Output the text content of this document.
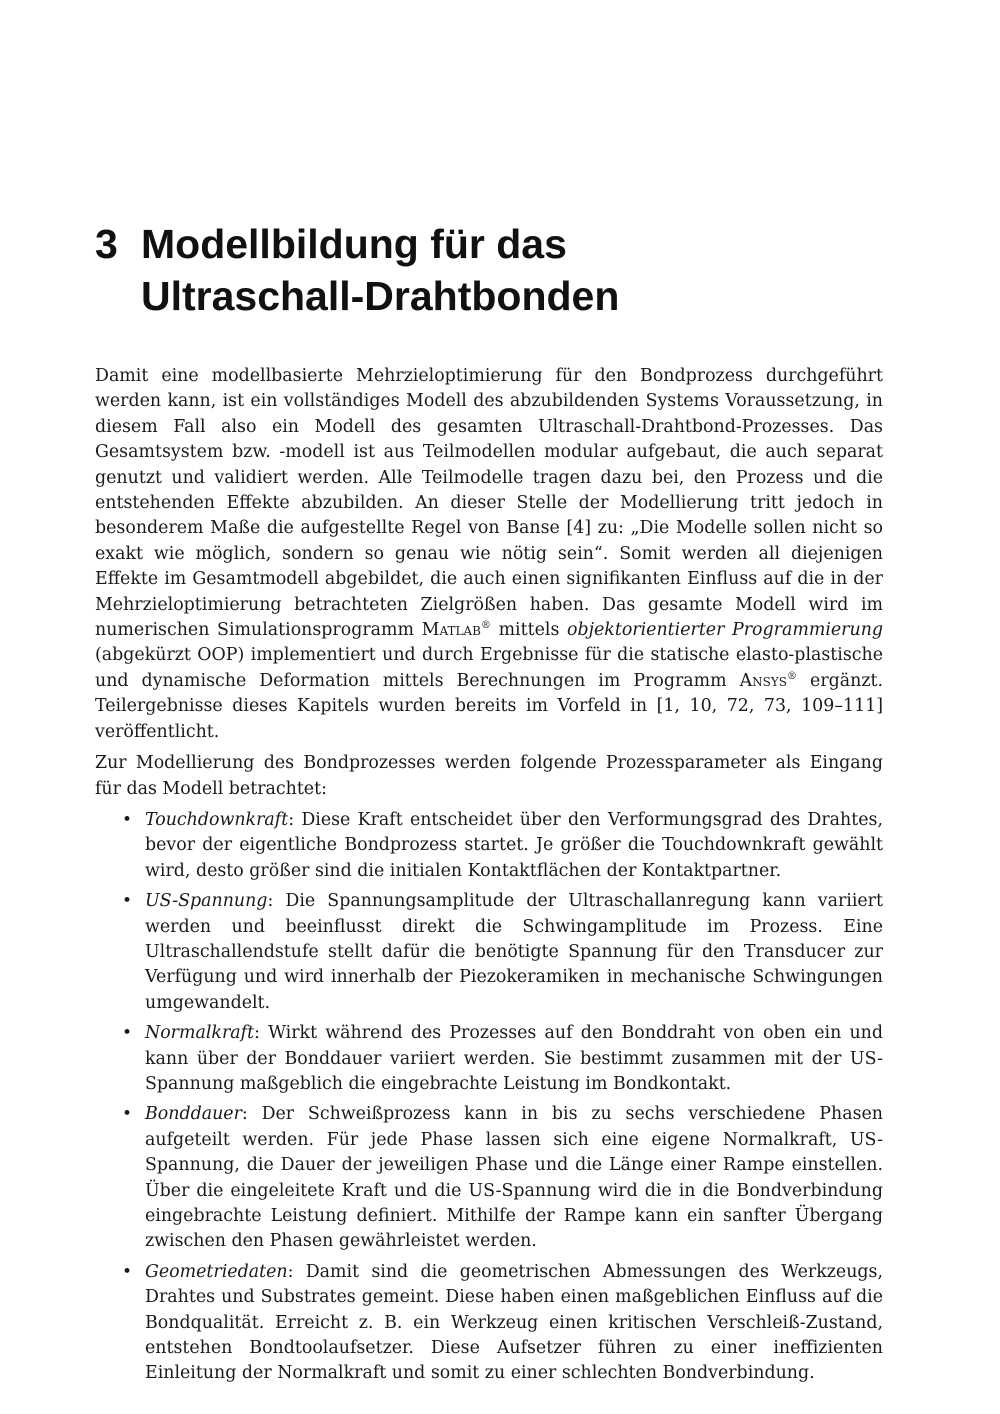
3 Modellbildung für das
Ultraschall-Drahtbonden

Damit eine modellbasierte Mehrzieloptimierung für den Bondprozess durchgeführt werden kann, ist ein vollständiges Modell des abzubildenden Systems Voraussetzung, in diesem Fall also ein Modell des gesamten Ultraschall-Drahtbond-Prozesses. Das Gesamtsystem bzw. -modell ist aus Teilmodellen modular aufgebaut, die auch separat genutzt und validiert werden. Alle Teilmodelle tragen dazu bei, den Prozess und die entstehenden Effekte abzubilden. An dieser Stelle der Modellierung tritt jedoch in besonderem Maße die aufgestellte Regel von Banse [4] zu: „Die Modelle sollen nicht so exakt wie möglich, sondern so genau wie nötig sein“. Somit werden all diejenigen Effekte im Gesamtmodell abgebildet, die auch einen signifikanten Einfluss auf die in der Mehrzieloptimierung betrachteten Zielgrößen haben. Das gesamte Modell wird im numerischen Simulationsprogramm Matlab® mittels objektorientierter Programmierung (abgekürzt OOP) implementiert und durch Ergebnisse für die statische elasto-plastische und dynamische Deformation mittels Berechnungen im Programm Ansys® ergänzt. Teilergebnisse dieses Kapitels wurden bereits im Vorfeld in [1, 10, 72, 73, 109–111] veröffentlicht.

Zur Modellierung des Bondprozesses werden folgende Prozessparameter als Eingang für das Modell betrachtet:

• Touchdownkraft: Diese Kraft entscheidet über den Verformungsgrad des Drahtes, bevor der eigentliche Bondprozess startet. Je größer die Touchdownkraft gewählt wird, desto größer sind die initialen Kontaktflächen der Kontaktpartner.
• US-Spannung: Die Spannungsamplitude der Ultraschallanregung kann variiert werden und beeinflusst direkt die Schwingamplitude im Prozess. Eine Ultraschallendstufe stellt dafür die benötigte Spannung für den Transducer zur Verfügung und wird innerhalb der Piezokeramiken in mechanische Schwingungen umgewandelt.
• Normalkraft: Wirkt während des Prozesses auf den Bonddraht von oben ein und kann über der Bonddauer variiert werden. Sie bestimmt zusammen mit der US-Spannung maßgeblich die eingebrachte Leistung im Bondkontakt.
• Bonddauer: Der Schweißprozess kann in bis zu sechs verschiedene Phasen aufgeteilt werden. Für jede Phase lassen sich eine eigene Normalkraft, US-Spannung, die Dauer der jeweiligen Phase und die Länge einer Rampe einstellen. Über die eingeleitete Kraft und die US-Spannung wird die in die Bondverbindung eingebrachte Leistung definiert. Mithilfe der Rampe kann ein sanfter Übergang zwischen den Phasen gewährleistet werden.
• Geometriedaten: Damit sind die geometrischen Abmessungen des Werkzeugs, Drahtes und Substrates gemeint. Diese haben einen maßgeblichen Einfluss auf die Bondqualität. Erreicht z. B. ein Werkzeug einen kritischen Verschleiß-Zustand, entstehen Bondtoolaufsetzer. Diese Aufsetzer führen zu einer ineffizienten Einleitung der Normalkraft und somit zu einer schlechten Bondverbindung.
